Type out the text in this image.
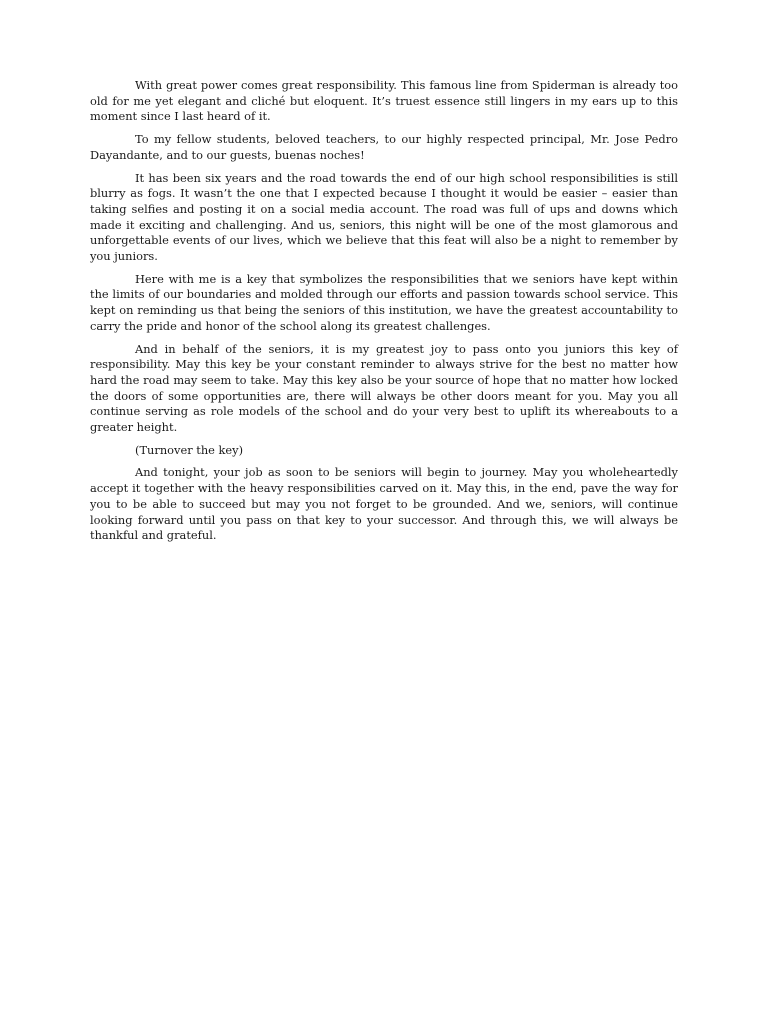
With great power comes great responsibility. This famous line from Spiderman is already too old for me yet elegant and cliché but eloquent. It’s truest essence still lingers in my ears up to this moment since I last heard of it.

To my fellow students, beloved teachers, to our highly respected principal, Mr. Jose Pedro Dayandante, and to our guests, buenas noches!

It has been six years and the road towards the end of our high school responsibilities is still blurry as fogs. It wasn’t the one that I expected because I thought it would be easier – easier than taking selfies and posting it on a social media account. The road was full of ups and downs which made it exciting and challenging. And us, seniors, this night will be one of the most glamorous and unforgettable events of our lives, which we believe that this feat will also be a night to remember by you juniors.

Here with me is a key that symbolizes the responsibilities that we seniors have kept within the limits of our boundaries and molded through our efforts and passion towards school service. This kept on reminding us that being the seniors of this institution, we have the greatest accountability to carry the pride and honor of the school along its greatest challenges.

And in behalf of the seniors, it is my greatest joy to pass onto you juniors this key of responsibility. May this key be your constant reminder to always strive for the best no matter how hard the road may seem to take. May this key also be your source of hope that no matter how locked the doors of some opportunities are, there will always be other doors meant for you. May you all continue serving as role models of the school and do your very best to uplift its whereabouts to a greater height.

(Turnover the key)

And tonight, your job as soon to be seniors will begin to journey. May you wholeheartedly accept it together with the heavy responsibilities carved on it. May this, in the end, pave the way for you to be able to succeed but may you not forget to be grounded. And we, seniors, will continue looking forward until you pass on that key to your successor. And through this, we will always be thankful and grateful.
